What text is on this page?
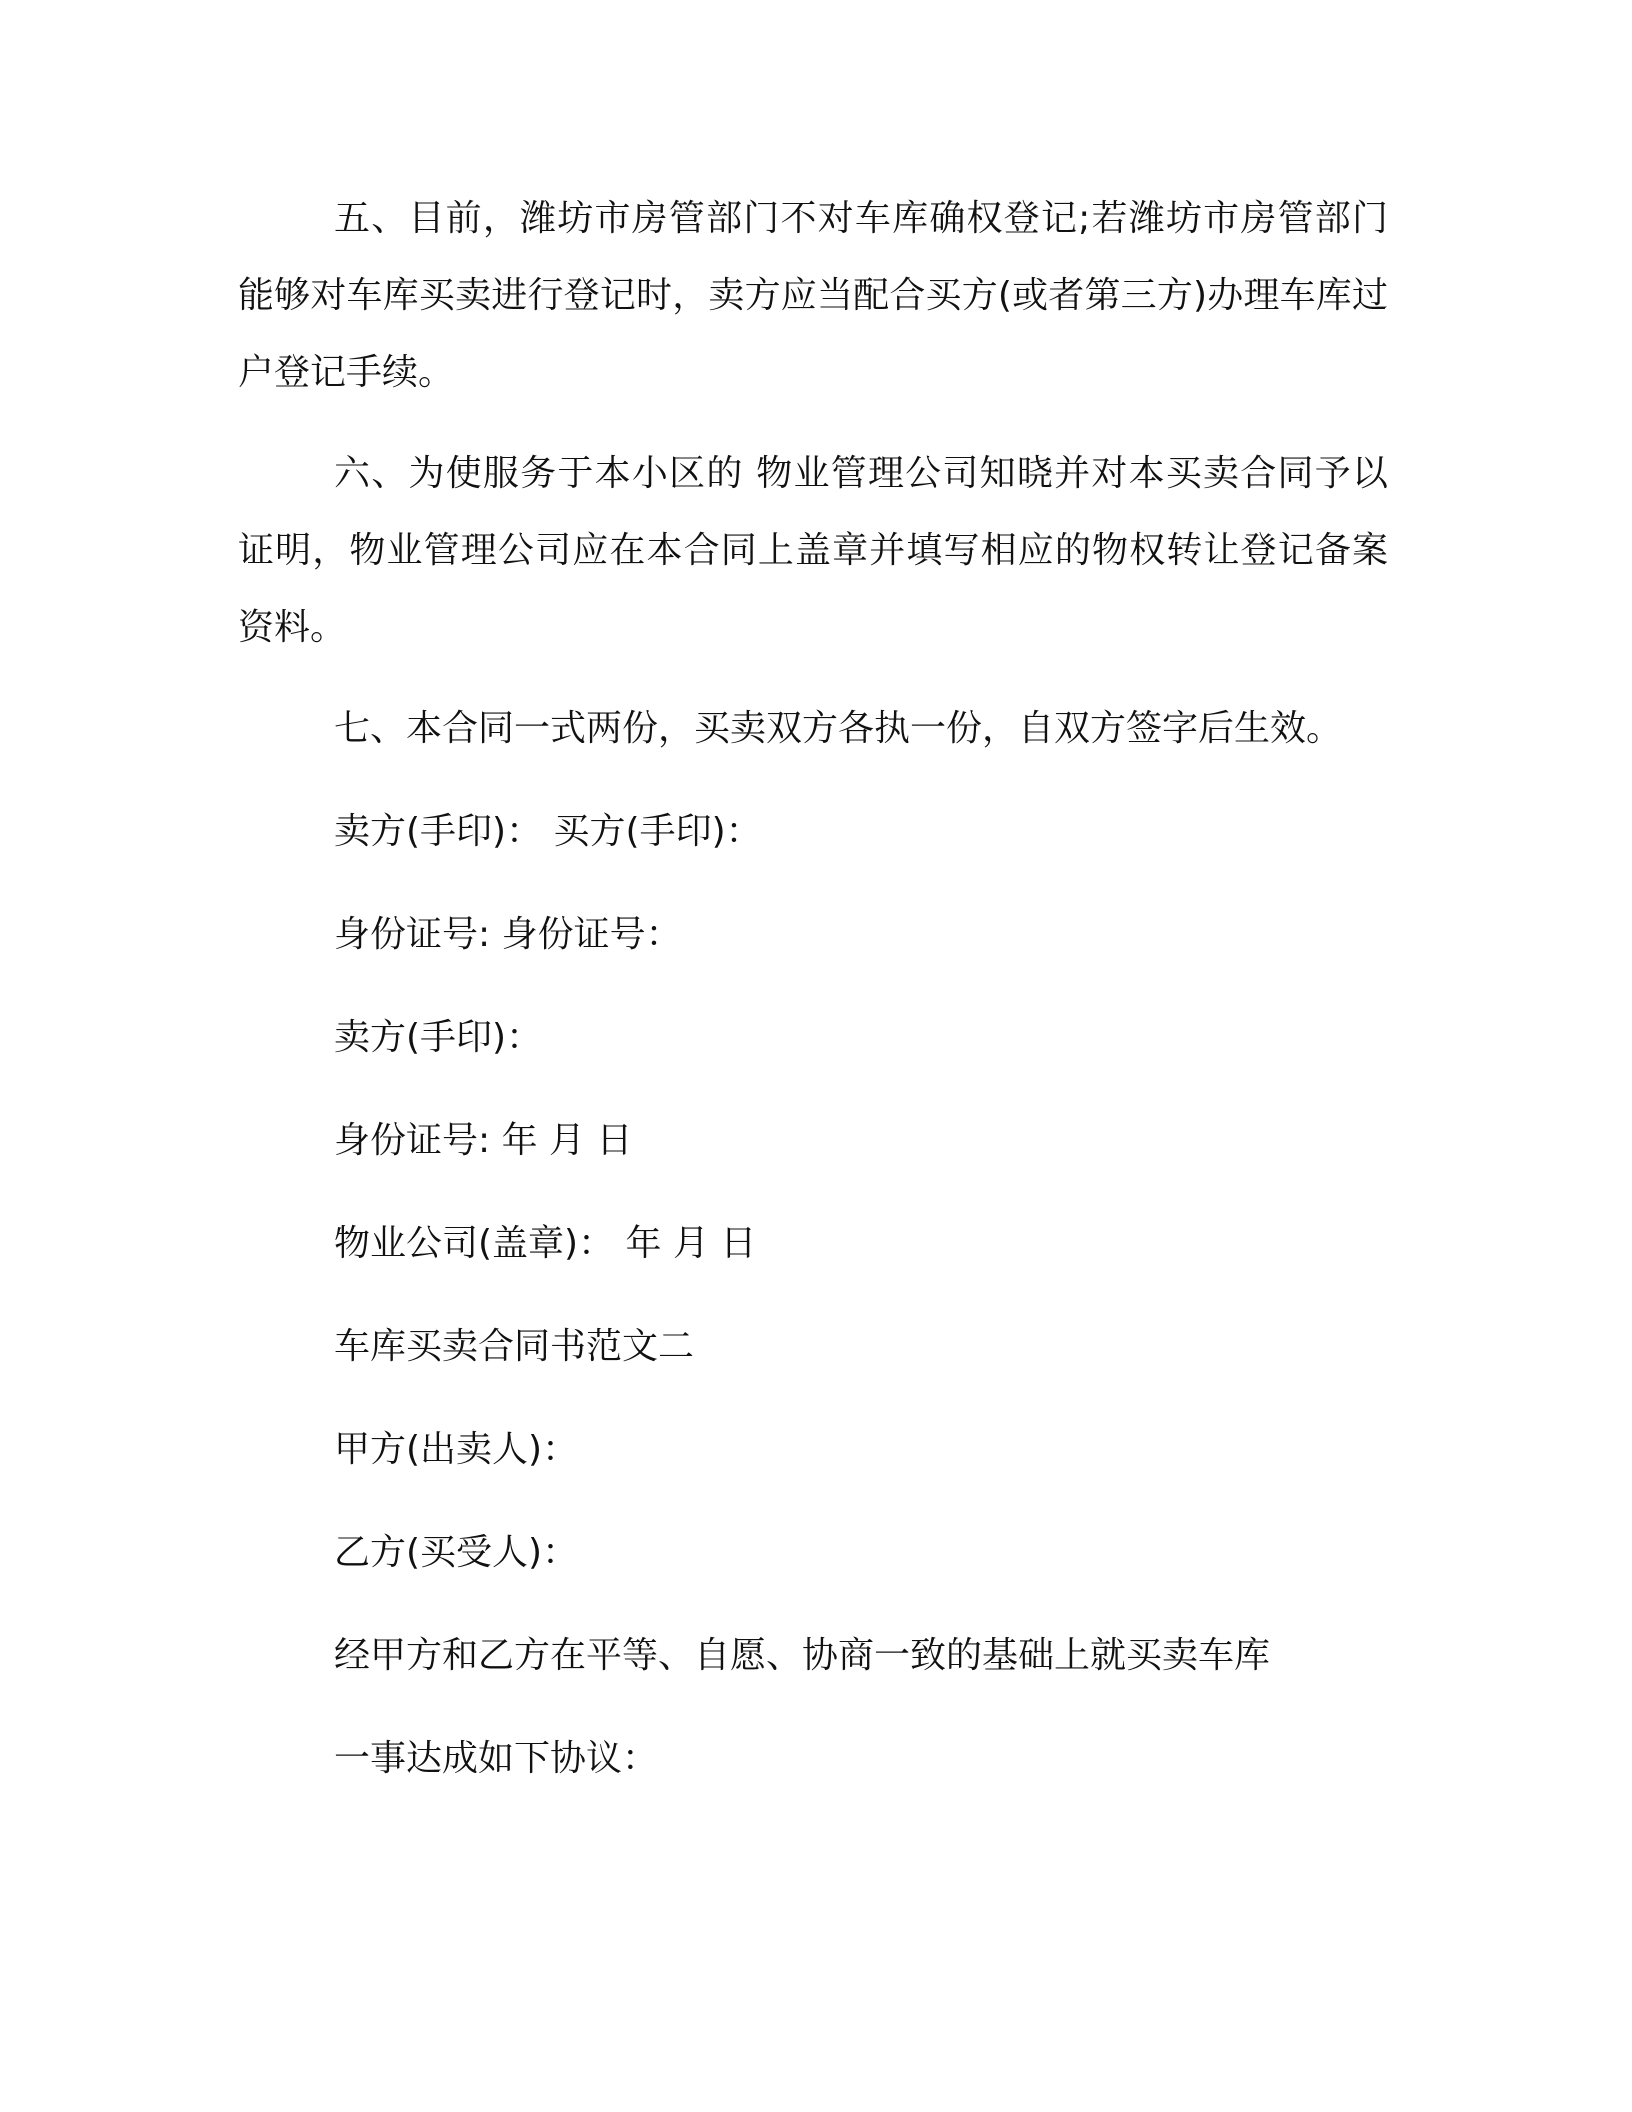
五、目前，潍坊市房管部门不对车库确权登记;若潍坊市房管部门能够对车库买卖进行登记时，卖方应当配合买方(或者第三方)办理车库过户登记手续。

六、为使服务于本小区的 物业管理公司知晓并对本买卖合同予以证明，物业管理公司应在本合同上盖章并填写相应的物权转让登记备案资料。

七、本合同一式两份，买卖双方各执一份，自双方签字后生效。

卖方(手印)： 买方(手印)：

身份证号: 身份证号：

卖方(手印)：

身份证号: 年 月 日

物业公司(盖章)： 年 月 日

车库买卖合同书范文二

甲方(出卖人)：

乙方(买受人)：

经甲方和乙方在平等、自愿、协商一致的基础上就买卖车库

一事达成如下协议：
